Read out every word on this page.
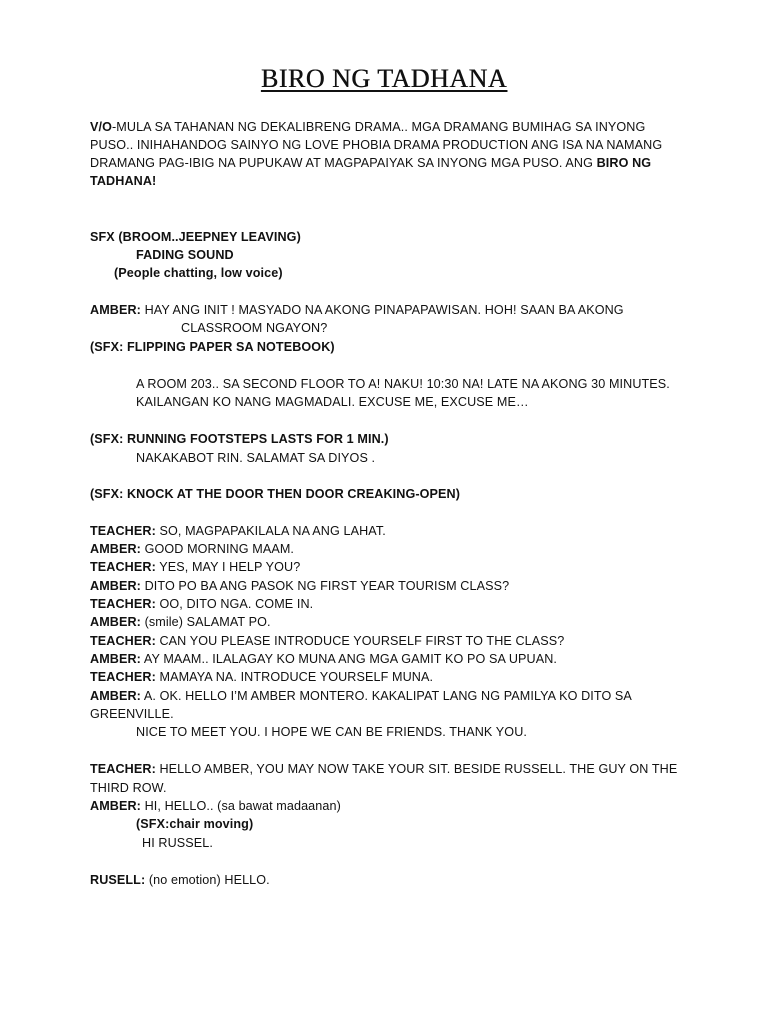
BIRO NG TADHANA
V/O-MULA SA TAHANAN NG DEKALIBRENG DRAMA.. MGA DRAMANG BUMIHAG SA INYONG
PUSO.. INIHAHANDOG SAINYO NG LOVE PHOBIA DRAMA PRODUCTION ANG ISA NA NAMANG
DRAMANG PAG-IBIG NA PUPUKAW AT MAGPAPAIYAK SA INYONG MGA PUSO. ANG BIRO NG
TADHANA!
SFX (BROOM..JEEPNEY LEAVING)
FADING SOUND
(People chatting, low voice)
AMBER: HAY ANG INIT ! MASYADO NA AKONG PINAPAPAWISAN. HOH! SAAN BA AKONG
CLASSROOM NGAYON?
(SFX: FLIPPING PAPER SA NOTEBOOK)
A ROOM 203.. SA SECOND FLOOR TO A! NAKU! 10:30 NA! LATE NA AKONG 30 MINUTES.
KAILANGAN KO NANG MAGMADALI. EXCUSE ME, EXCUSE ME…
(SFX: RUNNING FOOTSTEPS LASTS FOR 1 MIN.)
NAKAKABOT RIN. SALAMAT SA DIYOS .
(SFX: KNOCK AT THE DOOR THEN DOOR CREAKING-OPEN)
TEACHER: SO, MAGPAPAKILALA NA ANG LAHAT.
AMBER: GOOD MORNING MAAM.
TEACHER: YES, MAY I HELP YOU?
AMBER: DITO PO BA ANG PASOK NG FIRST YEAR TOURISM CLASS?
TEACHER: OO, DITO NGA. COME IN.
AMBER: (smile) SALAMAT PO.
TEACHER: CAN YOU PLEASE INTRODUCE YOURSELF FIRST TO THE CLASS?
AMBER: AY MAAM.. ILALAGAY KO MUNA ANG MGA GAMIT KO PO SA UPUAN.
TEACHER: MAMAYA NA. INTRODUCE YOURSELF MUNA.
AMBER: A. OK. HELLO I’M AMBER MONTERO. KAKALIPAT LANG NG PAMILYA KO DITO SA
GREENVILLE.
NICE TO MEET YOU. I HOPE WE CAN BE FRIENDS. THANK YOU.
TEACHER: HELLO AMBER, YOU MAY NOW TAKE YOUR SIT. BESIDE RUSSELL. THE GUY ON THE
THIRD ROW.
AMBER: HI, HELLO.. (sa bawat madaanan)
(SFX:chair moving)
HI RUSSEL.
RUSELL: (no emotion) HELLO.
